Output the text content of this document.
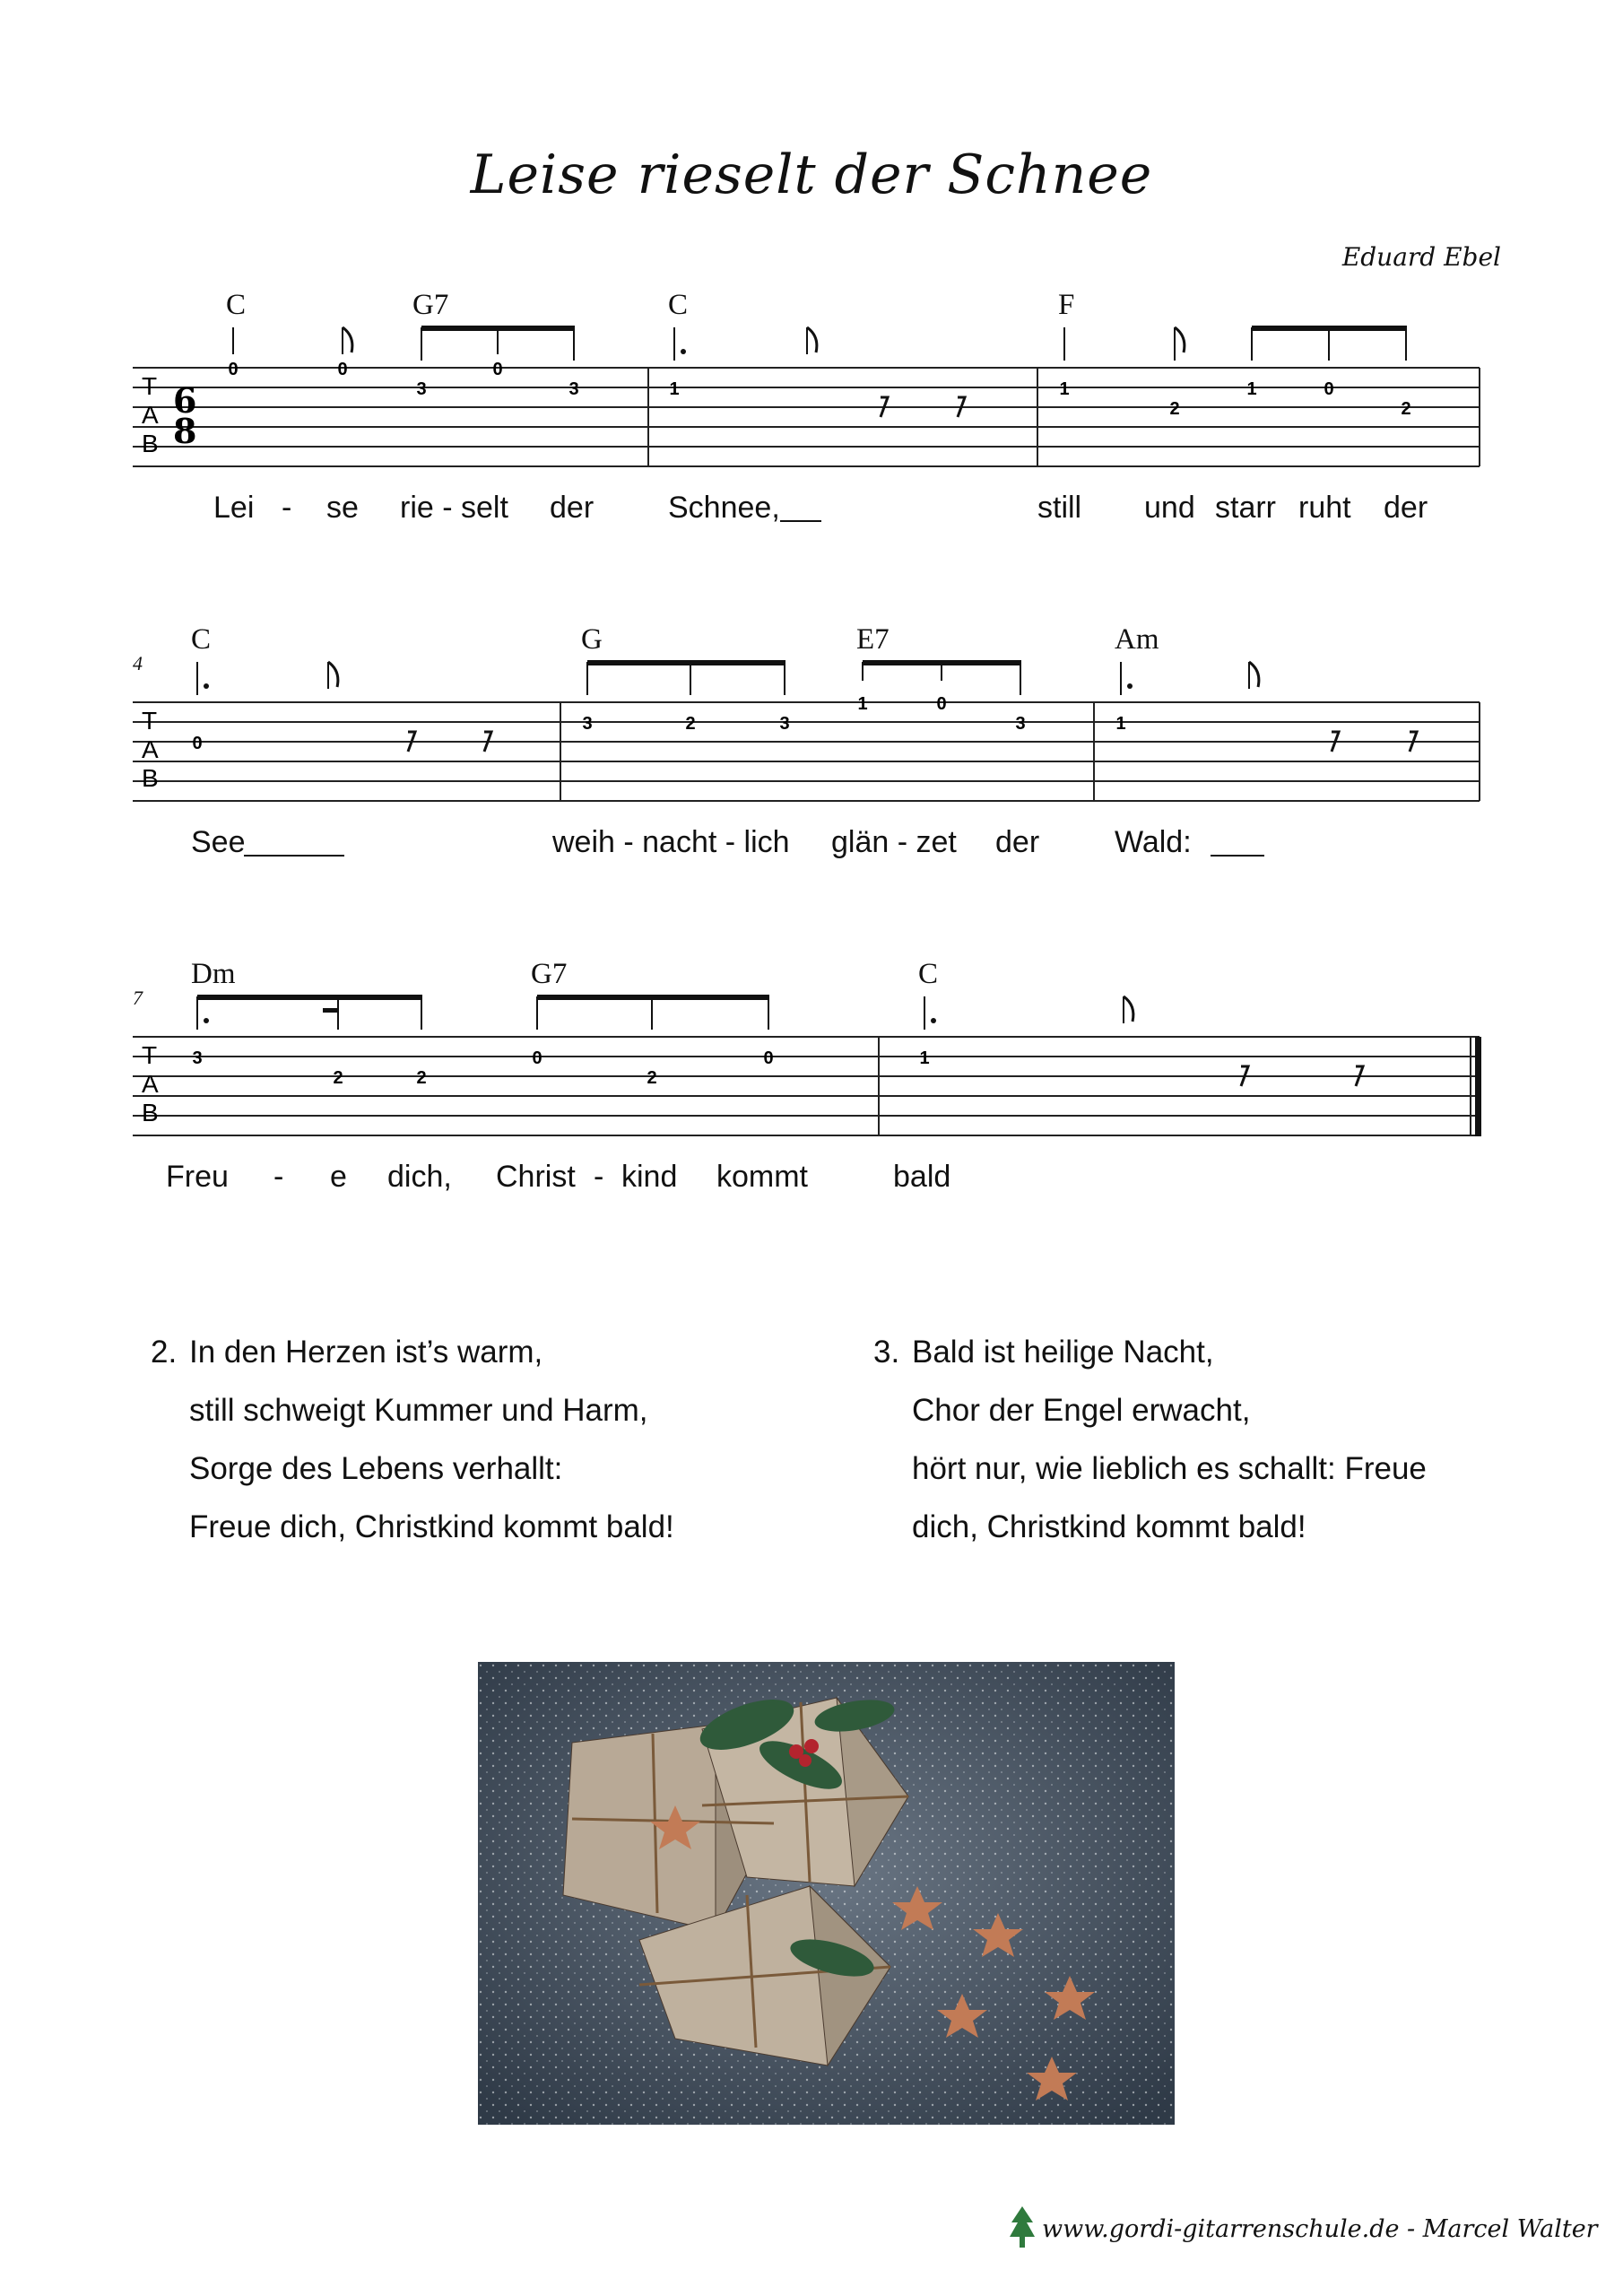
Leise rieselt der Schnee
Eduard Ebel
T
A
B
6
8
0	0	0
3	3	1	1
2
1	0
2
C	G7	C	F
Lei - se rie - selt der Schnee,	still und starr ruht der
T
A
B
0
3	2	3
1	0
3	1
4
C	G	E7	Am
See	weih - nacht - lich glän - zet der Wald:
T
A
B
3
2	2
0
2
0	1
7
Dm	G7	C
Freu - e dich, Christ - kind kommt	bald
2. In den Herzen ist’s warm,
still schweigt Kummer und Harm,
Sorge des Lebens verhallt:
Freue dich, Christkind kommt bald!
3. Bald ist heilige Nacht,
Chor der Engel erwacht,
hört nur, wie lieblich es schallt: Freue
dich, Christkind kommt bald!
www.gordi-gitarrenschule.de - Marcel Walter
